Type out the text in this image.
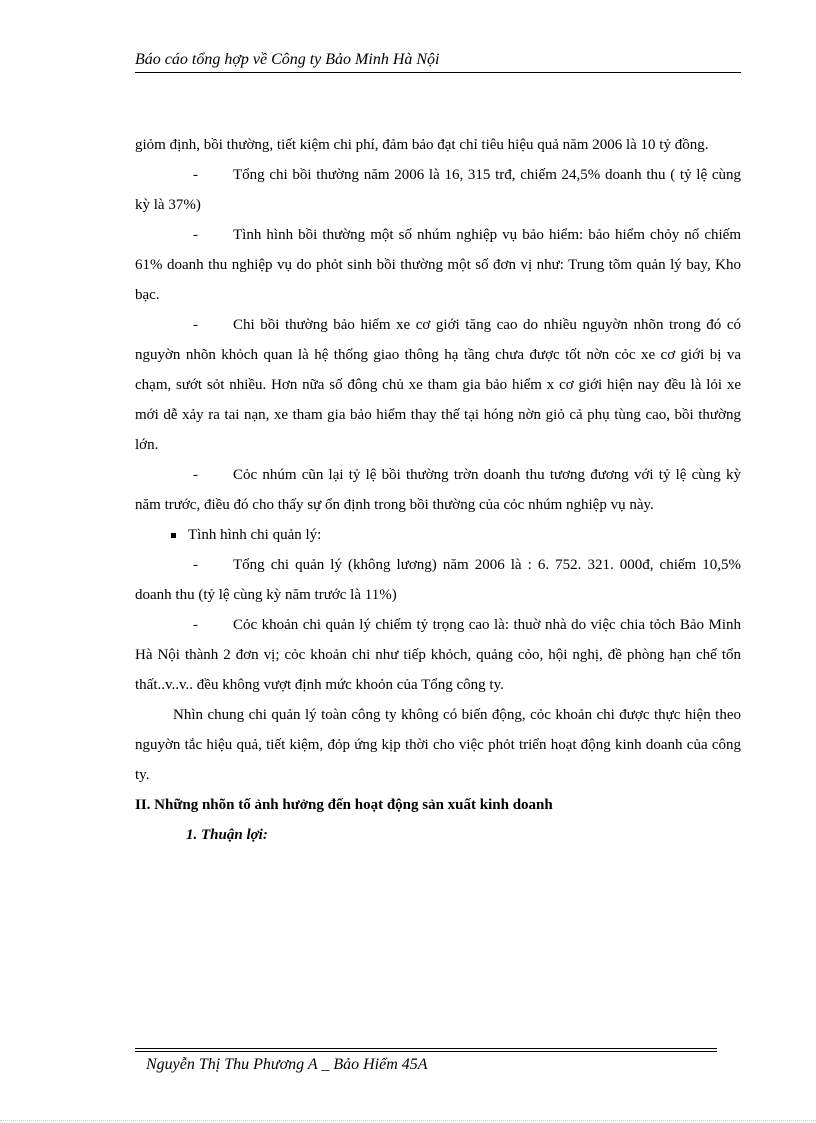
Báo cáo tổng hợp về Công ty Bảo Minh Hà Nội

giỏm định, bồi thường, tiết kiệm chi phí, đảm bảo đạt chỉ tiêu hiệu quả năm 2006 là 10 tỷ đồng.

- Tổng chi bồi thường năm 2006 là 16, 315 trđ, chiếm 24,5% doanh thu ( tỷ lệ cùng kỳ là 37%)

- Tình hình bồi thường một số nhúm nghiệp vụ bảo hiểm: bảo hiểm chỏy nổ chiếm 61% doanh thu nghiệp vụ do phỏt sinh bồi thường một số đơn vị như: Trung tõm quản lý bay, Kho bạc.

- Chi bồi thường bảo hiểm xe cơ giới tăng cao do nhiều nguyờn nhõn trong đó có nguyờn nhõn khỏch quan là hệ thống giao thông hạ tầng chưa được tốt nờn cỏc xe cơ giới bị va chạm, sướt sỏt nhiều. Hơn nữa số đông chủ xe tham gia bảo hiểm x cơ giới hiện nay đều là lỏi xe mới dễ xảy ra tai nạn, xe tham gia bảo hiểm thay thế tại hóng nờn giỏ cả phụ tùng cao, bồi thường lớn.

- Cỏc nhúm cũn lại tỷ lệ bồi thường trờn doanh thu tương đương với tỷ lệ cùng kỳ năm trước, điều đó cho thấy sự ổn định trong bồi thường của cỏc nhúm nghiệp vụ này.

Tình hình chi quản lý:

- Tổng chi quản lý (không lương) năm 2006 là : 6. 752. 321. 000đ, chiếm 10,5% doanh thu (tỷ lệ cùng kỳ năm trước là 11%)

- Cỏc khoản chi quản lý chiếm tỷ trọng cao là: thuờ nhà do việc chia tỏch Bảo Minh Hà Nội thành 2 đơn vị; cỏc khoản chi như tiếp khỏch, quảng cỏo, hội nghị, đề phòng hạn chế tổn thất..v..v.. đều không vượt định mức khoỏn của Tổng công ty.

Nhìn chung chi quản lý toàn công ty không có biến động, cỏc khoản chi được thực hiện theo nguyờn tắc hiệu quả, tiết kiệm, đỏp ứng kịp thời cho việc phỏt triển hoạt động kinh doanh của công ty.

II. Những nhõn tố ảnh hưởng đến hoạt động sản xuất kinh doanh
1. Thuận lợi:
Nguyễn Thị Thu Phương A _ Bảo Hiểm 45A
